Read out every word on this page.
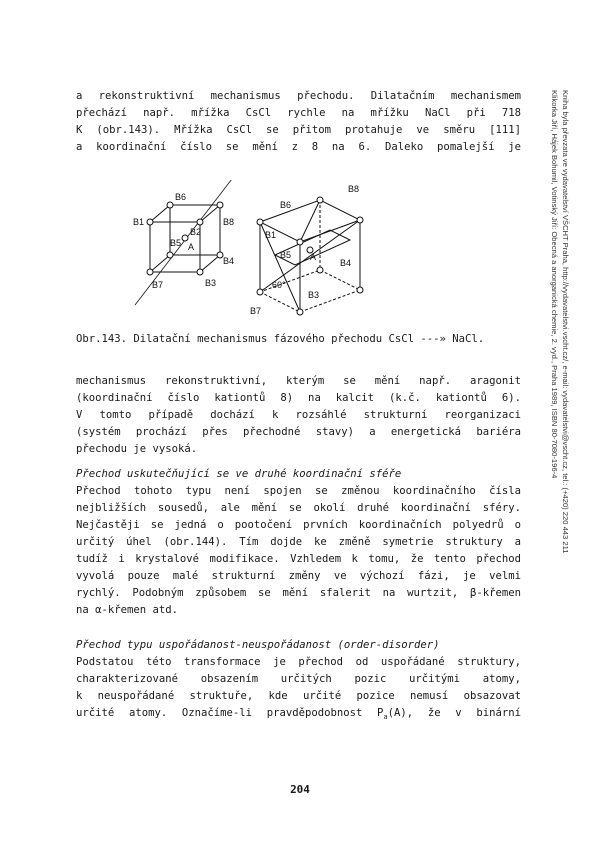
Klikorka Jiří, Hájek Bohumil, Votinský Jiří: Obecná a anorganická chemie, 2. vyd., Praha 1989, ISBN 80-7080-196-4 Kniha byla převzata ve vydavatelství VŠCHT Praha, http://vydavatelstvi.vscht.cz/, e-mail: vydavatelstvi@vscht.cz, tel.: (+420) 220 443 211
a rekonstruktivní mechanismus přechodu. Dilatačním mechanismem
přechází např. mřížka CsCl rychle na mřížku NaCl při 718
K (obr.143). Mřížka CsCl se přitom protahuje ve směru [111]
a koordinační číslo se mění z 8 na 6. Daleko pomalejší je
B6
B1
B2
B8
B5 A
B4
B7	B3
B8
B6
B1
B5 A
B4
B3
B7
60°
Obr.143. Dilatační mechanismus fázového přechodu CsCl ---» NaCl.
mechanismus rekonstruktivní, kterým se mění např. aragonit
(koordinační číslo kationtů 8) na kalcit (k.č. kationtů 6).
V tomto případě dochází k rozsáhlé strukturní reorganizaci
(systém prochází přes přechodné stavy) a energetická bariéra
přechodu je vysoká.
Přechod uskutečňující se ve druhé koordinační sféře
Přechod tohoto typu není spojen se změnou koordinačního čísla
nejbližších sousedů, ale mění se okolí druhé koordinační sféry.
Nejčastěji se jedná o pootočení prvních koordinačních polyedrů o
určitý úhel (obr.144). Tím dojde ke změně symetrie struktury a
tudíž i krystalové modifikace. Vzhledem k tomu, že tento přechod
vyvolá pouze malé strukturní změny ve výchozí fázi, je velmi
rychlý. Podobným způsobem se mění sfalerit na wurtzit, β-křemen
na α-křemen atd.
Přechod typu uspořádanost-neuspořádanost (order-disorder)
Podstatou této transformace je přechod od uspořádané struktury,
charakterizované obsazením určitých pozic určitými atomy,
k neuspořádané struktuře, kde určité pozice nemusí obsazovat
určité atomy. Označíme-li pravděpodobnost $P_a(A)$, že v binární
204
